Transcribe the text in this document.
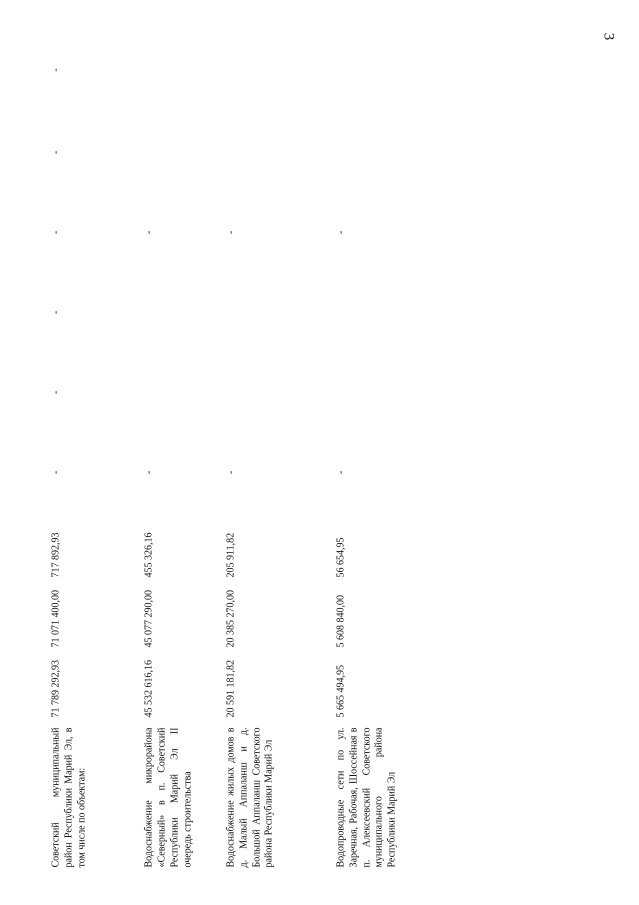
3

Советский муниципальный район Республики Марий Эл, в том числе по объектам:	71 789 292,93	71 071 400,00	717 892,93	-	-	-	-	-	-
Водоснабжение микрорайона «Северный» в п. Советский Республики Марий Эл II очередь строительства	45 532 616,16	45 077 290,00	455 326,16	-			-		
Водоснабжение жилых домов в д. Малый Аппаланш и д. Большой Аппаланш Советского района Республики Марий Эл	20 591 181,82	20 385 270,00	205 911,82	-			-		
Водопроводные сети по ул. Заречная, Рабочая, Шоссейная в п. Алексеевский Советского муниципального района Республики Марий Эл	5 665 494,95	5 608 840,00	56 654,95	-			-		
